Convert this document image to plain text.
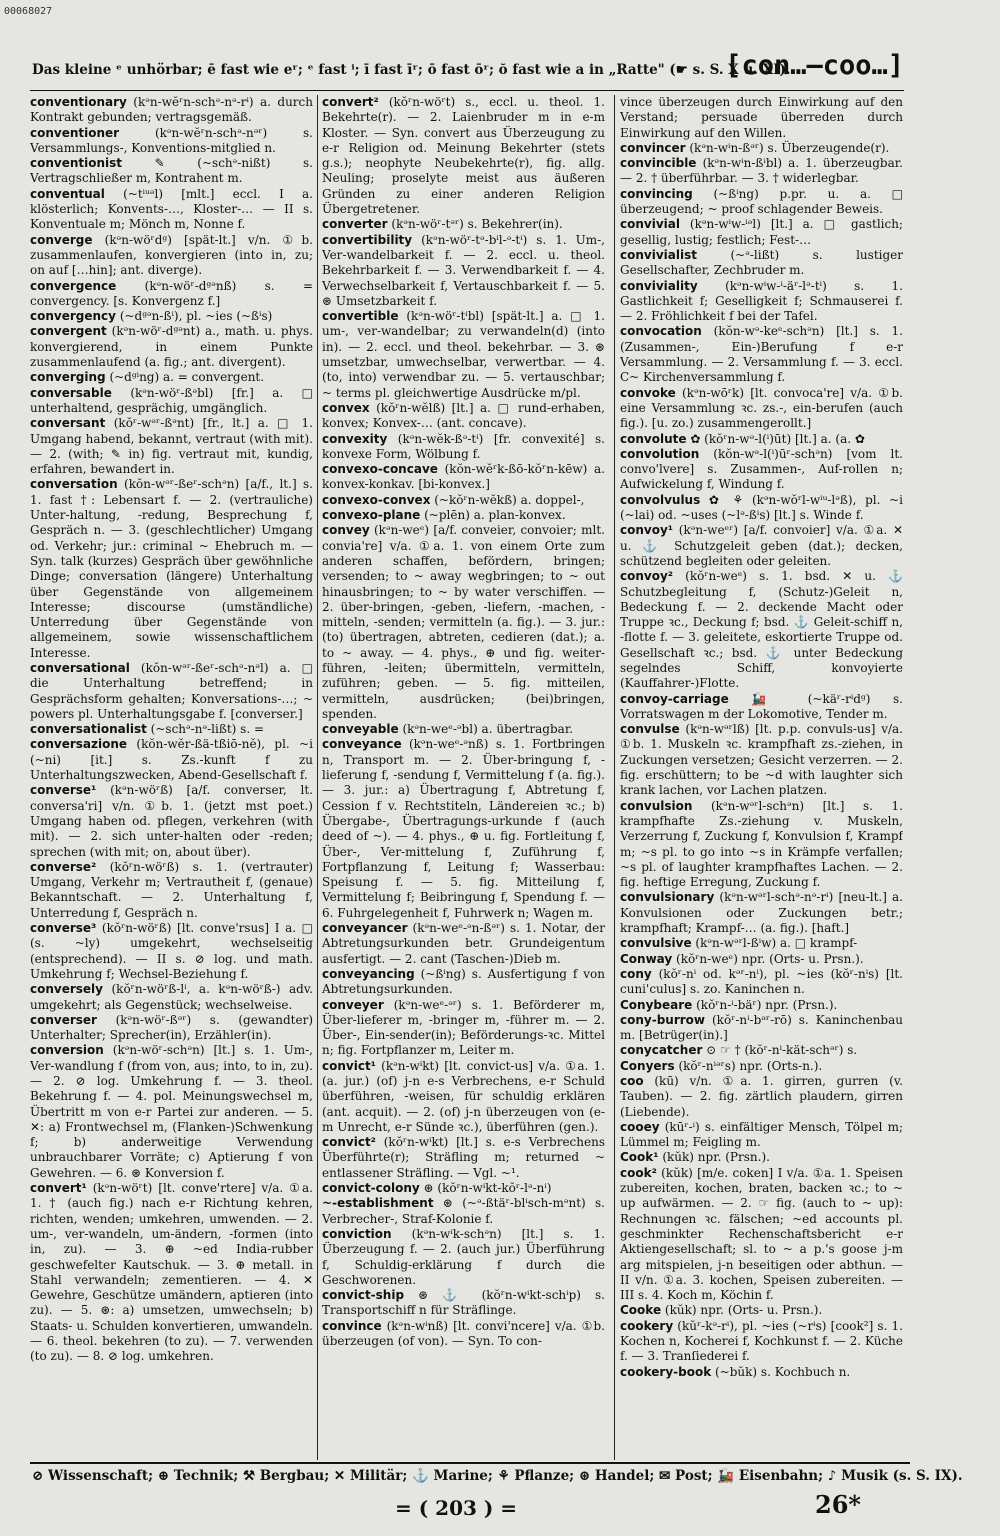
00068027
Das kleine ᵉ unhörbar; ē fast wie eʳ; ᵉ fast ⁱ; ī fast īʳ; ō fast ōʳ; ŏ fast wie a in „Ratte" (☛ s. S. X u. XI).
[con…—coo…]

conventionary (kᵊn-wĕʳn-schᵊ-nᵊ-rⁱ) a. durch Kontrakt gebunden; vertragsgemäß.

conventioner (kᵊn-wĕʳn-schᵊ-nᵊʳ) s. Versammlungs-, Konventions-mitglied n.

conventionist ✎ (~schᵊ-nißt) s. Vertragschließer m, Kontrahent m.

conventual (~tⁱᵘᵊl) [mlt.] eccl. I a. klösterlich; Konvents-…, Kloster-… — II s. Konventuale m; Mönch m, Nonne f.

converge (kᵊn-wöʳdᵍ) [spät-lt.] v/n. ①b. zusammenlaufen, konvergieren (into in, zu; on auf […hin]; ant. diverge).

convergence (kᵊn-wöʳ-dᵍᵊnß) s. = convergency. [s. Konvergenz f.]

convergency (~dᵍᵊn-ßⁱ), pl. ~ies (~ßⁱs)

convergent (kᵊn-wöʳ-dᵍᵊnt) a., math. u. phys. konvergierend, in einem Punkte zusammenlaufend (a. fig.; ant. divergent).

converging (~dᵍⁱng) a. = convergent.

conversable (kᵊn-wöʳ-ßᵊbl) [fr.] a. □ unterhaltend, gesprächig, umgänglich.

conversant (kŏʳ-wᵊʳ-ßᵊnt) [fr., lt.] a. □ 1. Umgang habend, bekannt, vertraut (with mit). — 2. (with; ✎ in) fig. vertraut mit, kundig, erfahren, bewandert in.

conversation (kŏn-wᵊʳ-ßeʳ-schᵊn) [a/f., lt.] s. 1. fast †: Lebensart f. — 2. (vertrauliche) Unter-haltung, -redung, Besprechung f, Gespräch n. — 3. (geschlechtlicher) Umgang od. Verkehr; jur.: criminal ~ Ehebruch m. — Syn. talk (kurzes) Gespräch über gewöhnliche Dinge; conversation (längere) Unterhaltung über Gegenstände von allgemeinem Interesse; discourse (umständliche) Unterredung über Gegenstände von allgemeinem, sowie wissenschaftlichem Interesse.

conversational (kŏn-wᵊʳ-ßeʳ-schᵊ-nᵊl) a. □ die Unterhaltung betreffend; in Gesprächsform gehalten; Konversations-…; ~ powers pl. Unterhaltungsgabe f. [converser.]

conversationalist (~schᵊ-nᵊ-lißt) s. =

conversazione (kŏn-wĕr-ßä-tßiō-nĕ), pl. ~i (~ni) [it.] s. Zs.-kunft f zu Unterhaltungszwecken, Abend-Gesellschaft f.

converse¹ (kᵊn-wöʳß) [a/f. converser, lt. conversa'ri] v/n. ①b. 1. (jetzt mst poet.) Umgang haben od. pflegen, verkehren (with mit). — 2. sich unter-halten oder -reden; sprechen (with mit; on, about über).

converse² (kŏʳn-wöʳß) s. 1. (vertrauter) Umgang, Verkehr m; Vertrautheit f, (genaue) Bekanntschaft. — 2. Unterhaltung f, Unterredung f, Gespräch n.

converse³ (kŏʳn-wöʳß) [lt. conve'rsus] I a. □ (s. ~ly) umgekehrt, wechselseitig (entsprechend). — II s. ⊘ log. und math. Umkehrung f; Wechsel-Beziehung f.

conversely (kŏʳn-wöʳß-lⁱ, a. kᵊn-wöʳß-) adv. umgekehrt; als Gegenstück; wechselweise.

converser (kᵊn-wöʳ-ßᵊʳ) s. (gewandter) Unterhalter; Sprecher(in), Erzähler(in).

conversion (kᵊn-wöʳ-schᵊn) [lt.] s. 1. Um-, Ver-wandlung f (from von, aus; into, to in, zu). — 2. ⊘ log. Umkehrung f. — 3. theol. Bekehrung f. — 4. pol. Meinungswechsel m, Übertritt m von e-r Partei zur anderen. — 5. ✕: a) Frontwechsel m, (Flanken-)Schwenkung f; b) anderweitige Verwendung unbrauchbarer Vorräte; c) Aptierung f von Gewehren. — 6. ⊛ Konversion f.

convert¹ (kᵊn-wöʳt) [lt. conve'rtere] v/a. ①a. 1. † (auch fig.) nach e-r Richtung kehren, richten, wenden; umkehren, umwenden. — 2. um-, ver-wandeln, um-ändern, -formen (into in, zu). — 3. ⊕ ~ed India-rubber geschwefelter Kautschuk. — 3. ⊕ metall. in Stahl verwandeln; zementieren. — 4. ✕ Gewehre, Geschütze umändern, aptieren (into zu). — 5. ⊛: a) umsetzen, umwechseln; b) Staats- u. Schulden konvertieren, umwandeln. — 6. theol. bekehren (to zu). — 7. verwenden (to zu). — 8. ⊘ log. umkehren.

convert² (kŏʳn-wöʳt) s., eccl. u. theol. 1. Bekehrte(r). — 2. Laienbruder m in e-m Kloster. — Syn. convert aus Überzeugung zu e-r Religion od. Meinung Bekehrter (stets g.s.); neophyte Neubekehrte(r), fig. allg. Neuling; proselyte meist aus äußeren Gründen zu einer anderen Religion Übergetretener.

converter (kᵊn-wöʳ-tᵊʳ) s. Bekehrer(in).

convertibility (kᵊn-wöʳ-tᵊ-bⁱl-ᵊ-tⁱ) s. 1. Um-, Ver-wandelbarkeit f. — 2. eccl. u. theol. Bekehrbarkeit f. — 3. Verwendbarkeit f. — 4. Verwechselbarkeit f, Vertauschbarkeit f. — 5. ⊛ Umsetzbarkeit f.

convertible (kᵊn-wöʳ-tⁱbl) [spät-lt.] a. □ 1. um-, ver-wandelbar; zu verwandeln(d) (into in). — 2. eccl. und theol. bekehrbar. — 3. ⊛ umsetzbar, umwechselbar, verwertbar. — 4. (to, into) verwendbar zu. — 5. vertauschbar; ~ terms pl. gleichwertige Ausdrücke m/pl.

convex (kŏʳn-wĕlß) [lt.] a. □ rund-erhaben, konvex; Konvex-… (ant. concave).

convexity (kᵊn-wĕk-ßᵊ-tⁱ) [fr. convexité] s. konvexe Form, Wölbung f.

convexo-concave (kŏn-wĕʳk-ßō-kŏʳn-kēw) a. konvex-konkav. [bi-konvex.]

convexo-convex (~kŏʳn-wĕkß) a. doppel-,

convexo-plane (~plēn) a. plan-konvex.

convey (kᵊn-weᵉ) [a/f. conveier, convoier; mlt. convia're] v/a. ①a. 1. von einem Orte zum anderen schaffen, befördern, bringen; versenden; to ~ away wegbringen; to ~ out hinausbringen; to ~ by water verschiffen. — 2. über-bringen, -geben, -liefern, -machen, -mitteln, -senden; vermitteln (a. fig.). — 3. jur.: (to) übertragen, abtreten, cedieren (dat.); a. to ~ away. — 4. phys., ⊕ und fig. weiter-führen, -leiten; übermitteln, vermitteln, zuführen; geben. — 5. fig. mitteilen, vermitteln, ausdrücken; (bei)bringen, spenden.

conveyable (kᵊn-weᵉ-ᵊbl) a. übertragbar.

conveyance (kᵊn-weᵉ-ᵊnß) s. 1. Fortbringen n, Transport m. — 2. Über-bringung f, -lieferung f, -sendung f, Vermittelung f (a. fig.). — 3. jur.: a) Übertragung f, Abtretung f, Cession f v. Rechtstiteln, Ländereien ꝛc.; b) Übergabe-, Übertragungs-urkunde f (auch deed of ~). — 4. phys., ⊕ u. fig. Fortleitung f, Über-, Ver-mittelung f, Zuführung f, Fortpflanzung f, Leitung f; Wasserbau: Speisung f. — 5. fig. Mitteilung f, Vermittelung f; Beibringung f, Spendung f. — 6. Fuhrgelegenheit f, Fuhrwerk n; Wagen m.

conveyancer (kᵊn-weᵉ-ᵊn-ßᵊʳ) s. 1. Notar, der Abtretungsurkunden betr. Grundeigentum ausfertigt. — 2. cant (Taschen-)Dieb m.

conveyancing (~ßⁱng) s. Ausfertigung f von Abtretungsurkunden.

conveyer (kᵊn-weᵉ-ᵊʳ) s. 1. Beförderer m, Über-lieferer m, -bringer m, -führer m. — 2. Über-, Ein-sender(in); Beförderungs-ꝛc. Mittel n; fig. Fortpflanzer m, Leiter m.

convict¹ (kᵊn-wⁱkt) [lt. convict-us] v/a. ①a. 1. (a. jur.) (of) j-n e-s Verbrechens, e-r Schuld überführen, -weisen, für schuldig erklären (ant. acquit). — 2. (of) j-n überzeugen von (e-m Unrecht, e-r Sünde ꝛc.), überführen (gen.).

convict² (kŏʳn-wⁱkt) [lt.] s. e-s Verbrechens Überführte(r); Sträfling m; returned ~ entlassener Sträfling. — Vgl. ~¹.

convict-colony ⊛ (kŏʳn-wⁱkt-kŏʳ-lᵊ-nⁱ)

~-establishment ⊛ (~ᵊ-ßtäʳ-blⁱsch-mᵊnt) s. Verbrecher-, Straf-Kolonie f.

conviction (kᵊn-wⁱk-schᵊn) [lt.] s. 1. Überzeugung f. — 2. (auch jur.) Überführung f, Schuldig-erklärung f durch die Geschworenen.

convict-ship ⊛ ⚓ (kŏʳn-wⁱkt-schⁱp) s. Transportschiff n für Sträflinge.

convince (kᵊn-wⁱnß) [lt. convi'ncere] v/a. ①b. überzeugen (of von). — Syn. To con-

vince überzeugen durch Einwirkung auf den Verstand; persuade überreden durch Einwirkung auf den Willen.

convincer (kᵊn-wⁱn-ßᵊʳ) s. Überzeugende(r).

convincible (kᵊn-wⁱn-ßⁱbl) a. 1. überzeugbar. — 2. † überführbar. — 3. † widerlegbar.

convincing (~ßⁱng) p.pr. u. a. □ überzeugend; ~ proof schlagender Beweis.

convivial (kᵊn-wⁱw-ⁱᵊl) [lt.] a. □ gastlich; gesellig, lustig; festlich; Fest-…

convivialist (~ᵊ-lißt) s. lustiger Gesellschafter, Zechbruder m.

conviviality (kᵊn-wⁱw-ⁱ-äʳ-lᵊ-tⁱ) s. 1. Gastlichkeit f; Geselligkeit f; Schmauserei f. — 2. Fröhlichkeit f bei der Tafel.

convocation (kŏn-wᵊ-keᵉ-schᵊn) [lt.] s. 1. (Zusammen-, Ein-)Berufung f e-r Versammlung. — 2. Versammlung f. — 3. eccl. C~ Kirchenversammlung f.

convoke (kᵊn-wōʳk) [lt. convoca're] v/a. ①b. eine Versammlung ꝛc. zs.-, ein-berufen (auch fig.). [u. zo.) zusammengerollt.]

convolute ✿ (kŏʳn-wᵊ-l(ⁱ)ūt) [lt.] a. (a. ✿

convolution (kŏn-wᵊ-l(ⁱ)ūʳ-schᵊn) [vom lt. convo'lvere] s. Zusammen-, Auf-rollen n; Aufwickelung f, Windung f.

convolvulus ✿ ⚘ (kᵊn-wŏʳl-wⁱᵘ-lᵊß), pl. ~i (~lai) od. ~uses (~lᵊ-ßⁱs) [lt.] s. Winde f.

convoy¹ (kᵊn-weᵉʳ) [a/f. convoier] v/a. ①a. ✕ u. ⚓ Schutzgeleit geben (dat.); decken, schützend begleiten oder geleiten.

convoy² (kŏʳn-weᵉ) s. 1. bsd. ✕ u. ⚓ Schutzbegleitung f, (Schutz-)Geleit n, Bedeckung f. — 2. deckende Macht oder Truppe ꝛc., Deckung f; bsd. ⚓ Geleit-schiff n, -flotte f. — 3. geleitete, eskortierte Truppe od. Gesellschaft ꝛc.; bsd. ⚓ unter Bedeckung segelndes Schiff, konvoyierte (Kauffahrer-)Flotte.

convoy-carriage 🚂 (~käʳ-rⁱdᵍ) s. Vorratswagen m der Lokomotive, Tender m.

convulse (kᵊn-wᵊʳlß) [lt. p.p. convuls-us] v/a. ①b. 1. Muskeln ꝛc. krampfhaft zs.-ziehen, in Zuckungen versetzen; Gesicht verzerren. — 2. fig. erschüttern; to be ~d with laughter sich krank lachen, vor Lachen platzen.

convulsion (kᵊn-wᵊʳl-schᵊn) [lt.] s. 1. krampfhafte Zs.-ziehung v. Muskeln, Verzerrung f, Zuckung f, Konvulsion f, Krampf m; ~s pl. to go into ~s in Krämpfe verfallen; ~s pl. of laughter krampfhaftes Lachen. — 2. fig. heftige Erregung, Zuckung f.

convulsionary (kᵊn-wᵊʳl-schᵊ-nᵊ-rⁱ) [neu-lt.] a. Konvulsionen oder Zuckungen betr.; krampfhaft; Krampf-… (a. fig.). [haft.]

convulsive (kᵊn-wᵊʳl-ßⁱw) a. □ krampf-

Conway (kŏʳn-weᵉ) npr. (Orts- u. Prsn.).

cony (kŏʳ-nⁱ od. kᵊʳ-nⁱ), pl. ~ies (kŏʳ-nⁱs) [lt. cuni'culus] s. zo. Kaninchen n.

Conybeare (kŏʳn-ⁱ-bäʳ) npr. (Prsn.).

cony-burrow (kŏʳ-nⁱ-bᵊʳ-rō) s. Kaninchenbau m. [Betrüger(in).]

conycatcher ⊙ ☞ † (kŏʳ-nⁱ-kät-schᵊʳ) s.

Conyers (kŏʳ-nⁱᵊʳs) npr. (Orts-n.).

coo (kū) v/n. ①a. 1. girren, gurren (v. Tauben). — 2. fig. zärtlich plaudern, girren (Liebende).

cooey (kūʳ-ⁱ) s. einfältiger Mensch, Tölpel m; Lümmel m; Feigling m.

Cook¹ (kŭk) npr. (Prsn.).

cook² (kŭk) [m/e. coken] I v/a. ①a. 1. Speisen zubereiten, kochen, braten, backen ꝛc.; to ~ up aufwärmen. — 2. ☞ fig. (auch to ~ up): Rechnungen ꝛc. fälschen; ~ed accounts pl. geschminkter Rechenschaftsbericht e-r Aktiengesellschaft; sl. to ~ a p.'s goose j-m arg mitspielen, j-n beseitigen oder abthun. — II v/n. ①a. 3. kochen, Speisen zubereiten. — III s. 4. Koch m, Köchin f.

Cooke (kŭk) npr. (Orts- u. Prsn.).

cookery (kŭʳ-kᵊ-rⁱ), pl. ~ies (~rⁱs) [cook²] s. 1. Kochen n, Kocherei f, Kochkunst f. — 2. Küche f. — 3. Tranſiederei f.

cookery-book (~bŭk) s. Kochbuch n.

⊘ Wissenschaft; ⊕ Technik; ⚒ Bergbau; ✕ Militär; ⚓ Marine; ⚘ Pflanze; ⊛ Handel; ✉ Post; 🚂 Eisenbahn; ♪ Musik (s. S. IX).
= ( 203 ) =	26*
